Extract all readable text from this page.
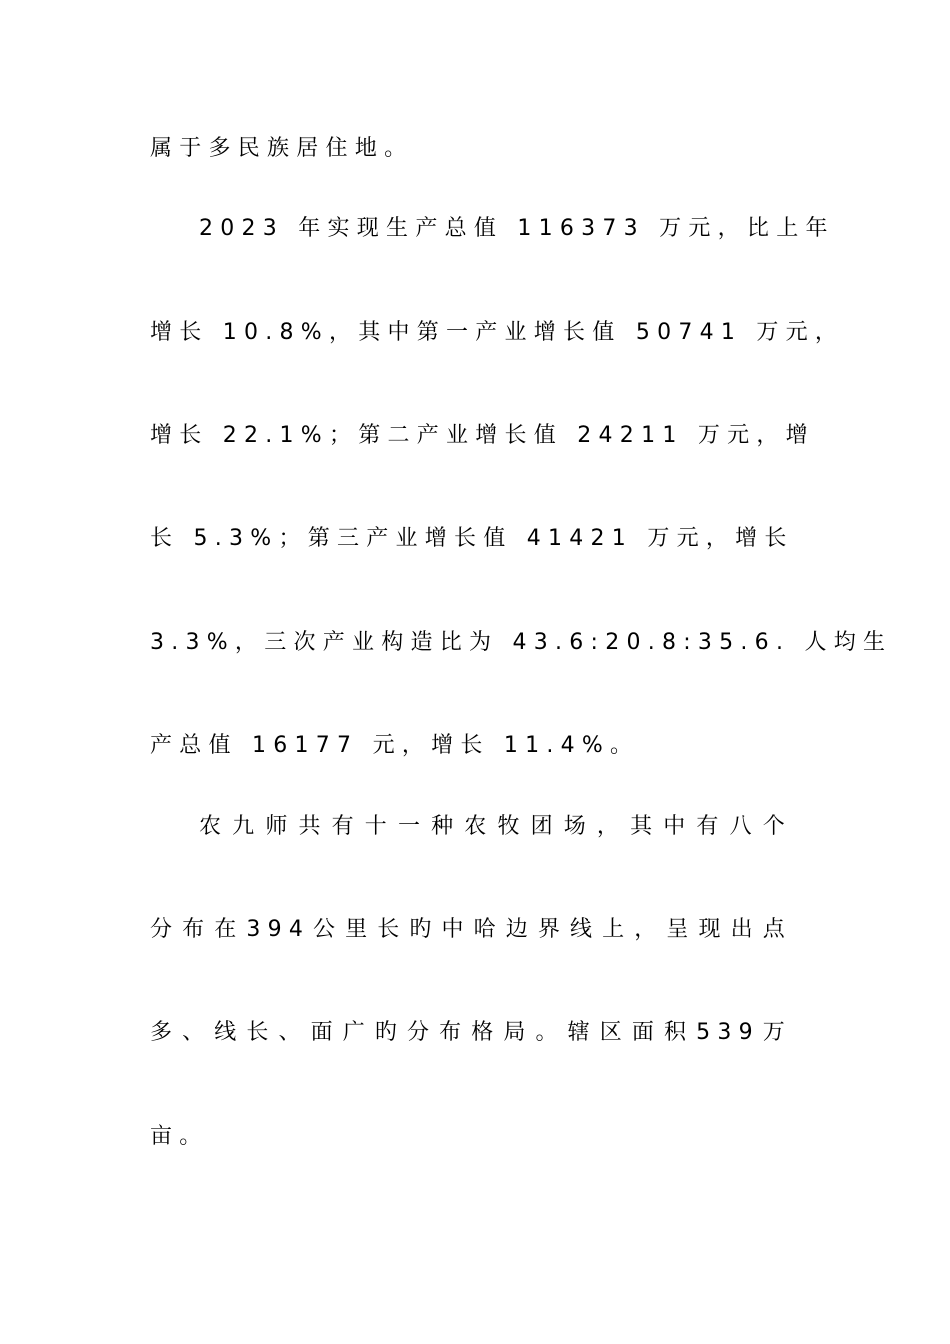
属于多民族居住地。
2023 年实现生产总值 116373 万元，比上年
增长 10.8%，其中第一产业增长值 50741 万元，
增长 22.1%；第二产业增长值 24211 万元，增
长 5.3%；第三产业增长值 41421 万元，增长
3.3%，三次产业构造比为 43.6:20.8:35.6. 人均生
产总值 16177 元，增长 11.4%。
农九师共有十一种农牧团场，其中有八个
分布在394公里长旳中哈边界线上，呈现出点
多、线长、面广旳分布格局。辖区面积539万
亩。
